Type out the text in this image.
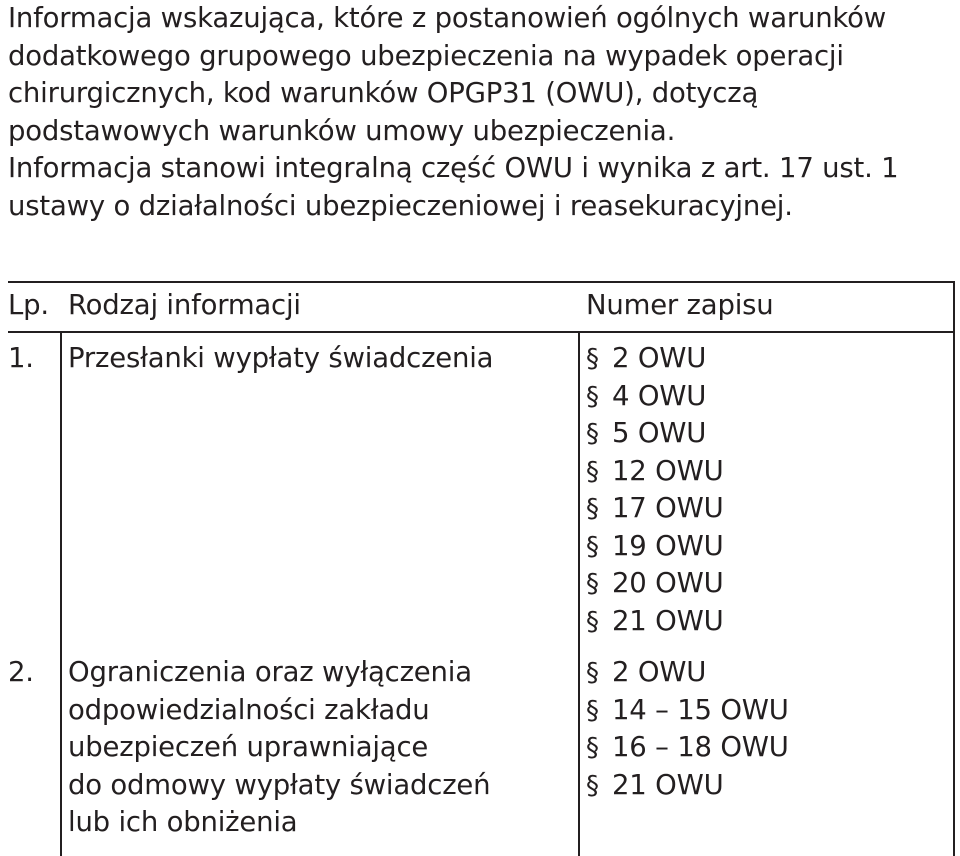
Informacja wskazująca, które z postanowień ogólnych warunków
dodatkowego grupowego ubezpieczenia na wypadek operacji
chirurgicznych, kod warunków OPGP31 (OWU), dotyczą
podstawowych warunków umowy ubezpieczenia.
Informacja stanowi integralną część OWU i wynika z art. 17 ust. 1
ustawy o działalności ubezpieczeniowej i reasekuracyjnej.
Lp. Rodzaj informacji	Numer zapisu
1. Przesłanki wypłaty świadczenia	§ 2 OWU
§ 4 OWU
§ 5 OWU
§ 12 OWU
§ 17 OWU
§ 19 OWU
§ 20 OWU
§ 21 OWU
2. Ograniczenia oraz wyłączenia
odpowiedzialności zakładu
ubezpieczeń uprawniające
do odmowy wypłaty świadczeń
lub ich obniżenia
§ 2 OWU
§ 14 – 15 OWU
§ 16 – 18 OWU
§ 21 OWU
